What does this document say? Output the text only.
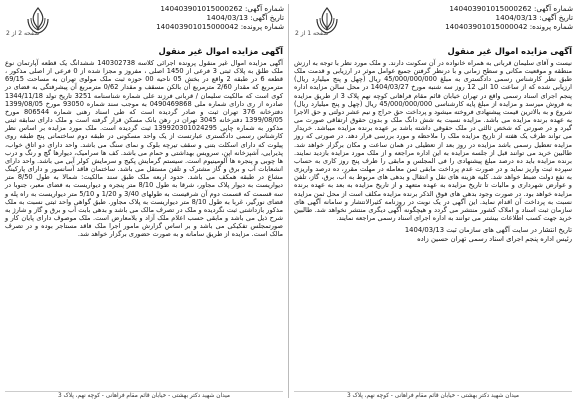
شماره آگهی: 140403901015000262
تاریخ آگهی: 1404/03/13
شماره پرونده: 140403901015000042
صفحه 2 از 2
آگهی مزایده اموال غیر منقول
آگهی مزایده اموال غیر منقول پرونده اجرائی کلاسه 140302738 ششدانگ یک قطعه آپارتمان نوع ملک طلق به پلاک ثبتی 3 فرعی از 1450 اصلی ، مفروز و مجزا شده از 0 فرعی از اصلی مذکور ، قطعه 6 در طبقه 2 واقع در بخش 05 ناحیه 00 حوزه ثبت ملک مولوی تهران به مساحت 69/15 مترمربع که مقدار 2/60 مترمربع آن بالکن مسقف و مقدار 0/62 مترمربع آن پیشرفتگی به فضای در کوی است که مالکیت سلیمان / قربانی فرزند علی شماره شناسنامه 3251 تاریخ تولد 1344/11/18 صادره از ری دارای شماره ملی 0490469868 به موجب سند شماره 93050 مورخ 1399/08/05 دفترخانه 376 تهران ثبت و صادر گردیده است که طی اسناد رهنی شماره 806544 مورخ 1399/08/05 دفترخانه 3045 تهران در رهن بانک مسکن قرار گرفته است و ملک دارای سابقه ثبتی مذکور به شماره چاپی 139920301024295 ثبت گردیده است. ملک مورد مزایده بر اساس نظر کارشناس رسمی دادگستری عبارتست از یک واحد مسکونی در طبقه دوم ساختمانی پنج طبقه روی پیلوت که دارای اسکلت بتنی و سقف تیرچه بلوک و نمای سنگ می باشد. واحد دارای دو اتاق خواب، پذیرایی، آشپزخانه اپن، سرویس بهداشتی و حمام می باشد. کف ها سرامیک، دیوارها گچ و رنگ و درب ها چوبی و پنجره ها آلومینیوم است. سیستم گرمایش پکیج و سرمایش کولر آبی می باشد. واحد دارای انشعابات آب و برق و گاز مشترک و تلفن مستقل می باشد. ساختمان فاقد آسانسور و دارای پارکینگ مشاع در طبقه همکف می باشد. حدود اربعه ملک طبق سند مالکیت: شمالا به طول 8/50 متر دیواریست به دیوار پلاک مجاور، شرقا به طول 8/10 متر پنجره و دیواریست به فضای معبر، جنوبا در سه قسمت که قسمت دوم آن شرقیست به طولهای 3/40 و 1/20 و 5/10 متر دیواریست به راه پله و فضای نورگیر، غربا به طول 8/10 متر دیواریست به پلاک مجاور. طبق گواهی واحد ثبتی نسبت به ملک مذکور بازداشتی ثبت نگردیده و ملک در تصرف مالک می باشد و بدهی بابت آب و برق و گاز و شارژ به شرح ذیل می باشد و مابقی حسب اعلام ملک آزاد و بلامعارض است. ملک موصوف دارای پایان کار و صورتمجلس تفکیکی می باشد و بر اساس گزارش مامور اجرا ملک فاقد مستاجر بوده و در تصرف مالک است. مزایده از طریق سامانه و به صورت حضوری برگزار خواهد شد.
میدان شهید دکتر بهشتی - خیابان قائم مقام فراهانی - کوچه نهم، پلاک 3
شماره آگهی: 140403901015000262
تاریخ آگهی: 1404/03/13
شماره پرونده: 140403901015000042
صفحه 1 از 2
آگهی مزایده اموال غیر منقول
نیست و آقای سلیمان قربانی به همراه خانواده در آن سکونت دارند. و ملک مورد نظر با توجه به ارزش منطقه و موقعیت مکانی و سطح زمانی و با درنظر گرفتن جمیع عوامل موثر در ارزیابی و قدمت ملک طبق نظر کارشناس رسمی دادگستری به مبلغ 45/000/000/000 ریال (چهل و پنج میلیارد ریال) ارزیابی شده که از ساعت 10 الی 12 روز سه شنبه مورخ 1404/03/27 در محل سالن مزایده اداره پنجم اجرای اسناد رسمی واقع در تهران خیابان قائم مقام فراهانی کوچه نهم پلاک 3 از طریق مزایده به فروش میرسد و مزایده از مبلغ پایه کارشناسی 45/000/000/000 ریال (چهل و پنج میلیارد ریال) شروع و به بالاترین قیمت پیشنهادی فروخته میشود و پرداخت حق حراج و نیم عشر دولتی و حق الاجرا به عهده برنده مزایده می باشد. مزایده نسبت به شش دانگ ملک و بدون حقوق ارتفاقی صورت می گیرد و در صورتی که شخص ثالثی در ملک حقوقی داشته باشد بر عهده برنده مزایده میباشد. خریدار می تواند ظرف یک هفته از تاریخ مزایده ملک را ملاحظه و مورد بررسی قرار دهد. در صورتی که روز مزایده تعطیل رسمی باشد مزایده در روز بعد از تعطیلی در همان ساعت و مکان برگزار خواهد شد. طالبین خرید می توانند قبل از جلسه مزایده به این اداره مراجعه و از ملک مورد مزایده بازدید نمایند. برنده مزایده باید ده درصد مبلغ پیشنهادی را فی المجلس و مابقی را ظرف پنج روز کاری به حساب سپرده ثبت واریز نماید و در صورت عدم پرداخت مابقی ثمن معامله در مهلت مقرر، ده درصد واریزی به نفع دولت ضبط خواهد شد. کلیه هزینه های نقل و انتقال و بدهی های مربوط به آب، برق، گاز، تلفن و عوارض شهرداری و مالیات تا تاریخ مزایده به عهده متعهد و از تاریخ مزایده به بعد به عهده برنده مزایده خواهد بود. در صورت وجود بدهی های فوق الذکر برنده مزایده مکلف است از محل ثمن مزایده نسبت به پرداخت آن اقدام نماید. این آگهی در یک نوبت در روزنامه کثیرالانتشار و سامانه آگهی های سازمان ثبت اسناد و املاک کشور منتشر می گردد و هیچگونه آگهی دیگری منتشر نخواهد شد. طالبین خرید جهت کسب اطلاعات بیشتر می توانند به اداره اجرای اسناد رسمی مراجعه نمایند.
تاریخ انتشار در سایت آگهی های سازمان ثبت 1404/03/13
رئیس اداره پنجم اجرای اسناد رسمی تهران حسین زاده
میدان شهید دکتر بهشتی - خیابان قائم مقام فراهانی - کوچه نهم، پلاک 3
